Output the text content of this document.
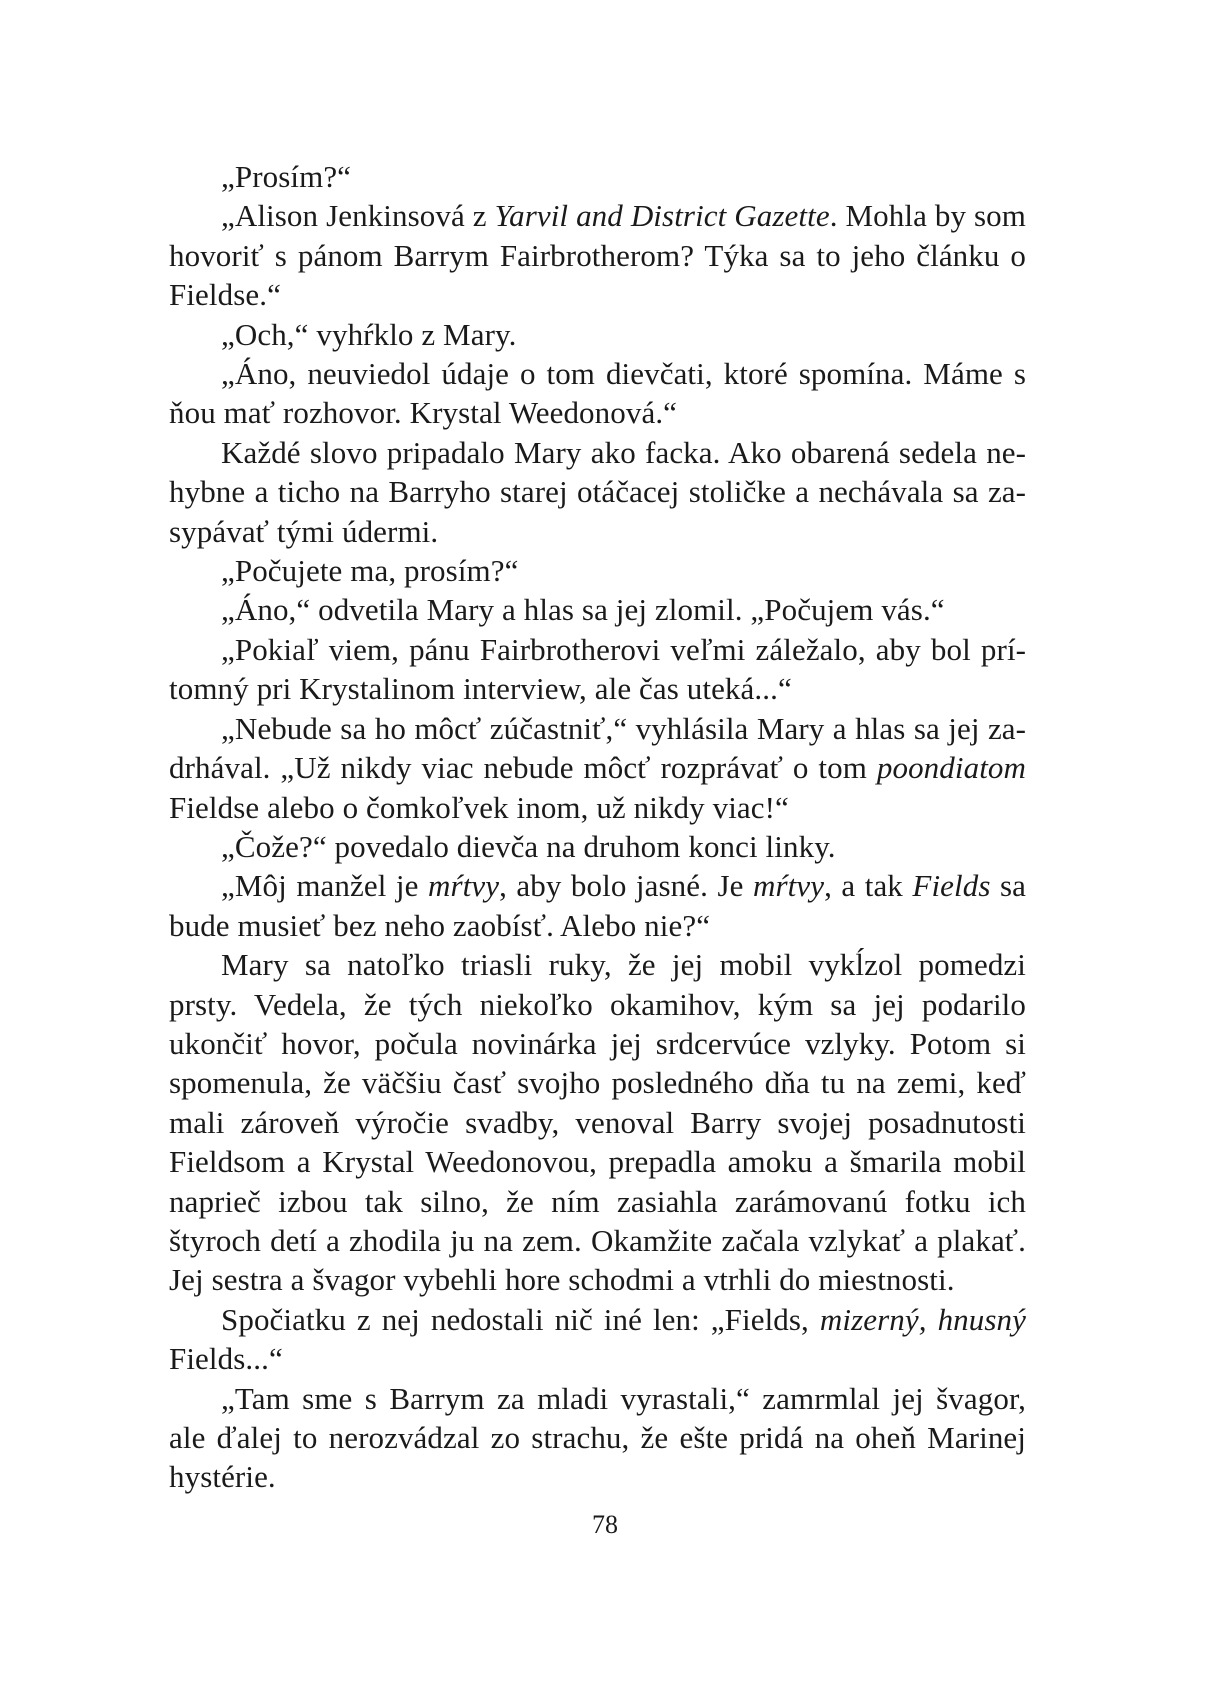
„Prosím?“

„Alison Jenkinsová z Yarvil and District Gazette. Mohla by som hovoriť s pánom Barrym Fairbrotherom? Týka sa to jeho článku o Fieldse.“

„Och,“ vyhŕklo z Mary.

„Áno, neuviedol údaje o tom dievčati, ktoré spomína. Máme s ňou mať rozhovor. Krystal Weedonová.“

Každé slovo pripadalo Mary ako facka. Ako obarená sedela nehybne a ticho na Barryho starej otáčacej stoličke a nechávala sa zasypávať tými údermi.

„Počujete ma, prosím?“

„Áno,“ odvetila Mary a hlas sa jej zlomil. „Počujem vás.“

„Pokiaľ viem, pánu Fairbrotherovi veľmi záležalo, aby bol prítomný pri Krystalinom interview, ale čas uteká...“

„Nebude sa ho môcť zúčastniť,“ vyhlásila Mary a hlas sa jej zadrhával. „Už nikdy viac nebude môcť rozprávať o tom poondiatom Fieldse alebo o čomkoľvek inom, už nikdy viac!“

„Čože?“ povedalo dievča na druhom konci linky.

„Môj manžel je mŕtvy, aby bolo jasné. Je mŕtvy, a tak Fields sa bude musieť bez neho zaobísť. Alebo nie?“

Mary sa natoľko triasli ruky, že jej mobil vykĺzol pomedzi prsty. Vedela, že tých niekoľko okamihov, kým sa jej podarilo ukončiť hovor, počula novinárka jej srdcervúce vzlyky. Potom si spomenula, že väčšiu časť svojho posledného dňa tu na zemi, keď mali zároveň výročie svadby, venoval Barry svojej posadnutosti Fieldsom a Krystal Weedonovou, prepadla amoku a šmarila mobil naprieč izbou tak silno, že ním zasiahla zarámovanú fotku ich štyroch detí a zhodila ju na zem. Okamžite začala vzlykať a plakať. Jej sestra a švagor vybehli hore schodmi a vtrhli do miestnosti.

Spočiatku z nej nedostali nič iné len: „Fields, mizerný, hnusný Fields...“

„Tam sme s Barrym za mladi vyrastali,“ zamrmlal jej švagor, ale ďalej to nerozvádzal zo strachu, že ešte pridá na oheň Marinej hystérie.

78
